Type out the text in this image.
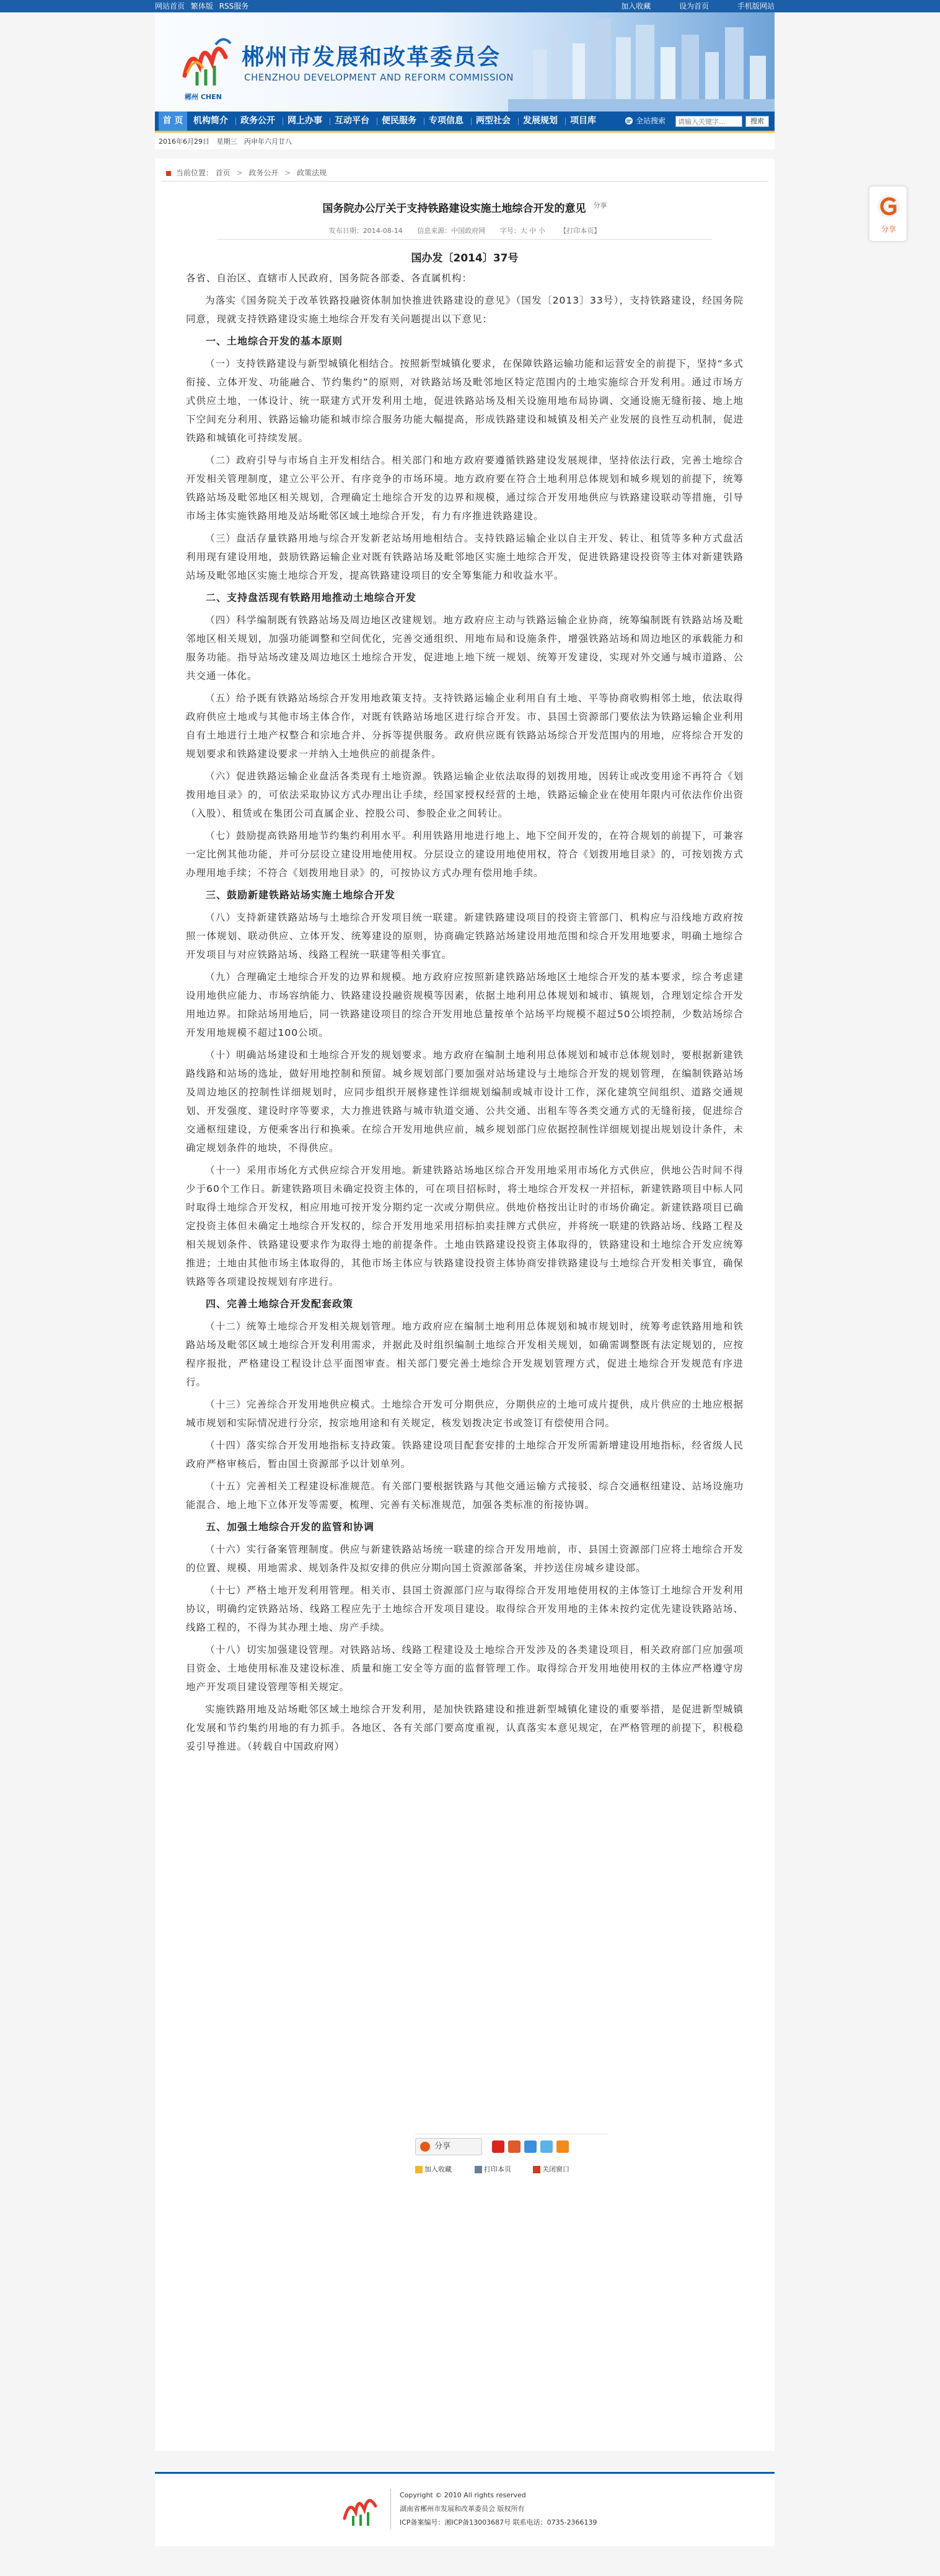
网站首页 繁体版 RSS服务	加入收藏	设为首页	手机版网站
郴州 CHEN
郴州市发展和改革委员会
CHENZHOU DEVELOPMENT AND REFORM COMMISSION
首 页	机构简介 政务公开 网上办事 互动平台 便民服务 专项信息 两型社会 发展规划 项目库	全站搜索
请输入关键字...	搜索
2016年6月29日 星期三 丙申年六月廿八
当前位置： 首页 > 政务公开 > 政策法规
国务院办公厅关于支持铁路建设实施土地综合开发的意见 $^{分享}$
发布日期：2014-08-14 信息来源：中国政府网 字号：大 中 小 【打印本页】
国办发〔2014〕37号

各省、自治区、直辖市人民政府，国务院各部委、各直属机构：

为落实《国务院关于改革铁路投融资体制加快推进铁路建设的意见》（国发〔2013〕33号），支持铁路建设，经国务院同意，现就支持铁路建设实施土地综合开发有关问题提出以下意见：

一、土地综合开发的基本原则

（一）支持铁路建设与新型城镇化相结合。按照新型城镇化要求，在保障铁路运输功能和运营安全的前提下，坚持“多式衔接、立体开发、功能融合、节约集约”的原则，对铁路站场及毗邻地区特定范围内的土地实施综合开发利用。通过市场方式供应土地，一体设计、统一联建方式开发利用土地，促进铁路站场及相关设施用地布局协调、交通设施无缝衔接、地上地下空间充分利用、铁路运输功能和城市综合服务功能大幅提高，形成铁路建设和城镇及相关产业发展的良性互动机制，促进铁路和城镇化可持续发展。

（二）政府引导与市场自主开发相结合。相关部门和地方政府要遵循铁路建设发展规律，坚持依法行政，完善土地综合开发相关管理制度，建立公平公开、有序竞争的市场环境。地方政府要在符合土地利用总体规划和城乡规划的前提下，统筹铁路站场及毗邻地区相关规划，合理确定土地综合开发的边界和规模，通过综合开发用地供应与铁路建设联动等措施，引导市场主体实施铁路用地及站场毗邻区域土地综合开发，有力有序推进铁路建设。

（三）盘活存量铁路用地与综合开发新老站场用地相结合。支持铁路运输企业以自主开发、转让、租赁等多种方式盘活利用现有建设用地，鼓励铁路运输企业对既有铁路站场及毗邻地区实施土地综合开发，促进铁路建设投资等主体对新建铁路站场及毗邻地区实施土地综合开发，提高铁路建设项目的安全筹集能力和收益水平。

二、支持盘活现有铁路用地推动土地综合开发

（四）科学编制既有铁路站场及周边地区改建规划。地方政府应主动与铁路运输企业协商，统筹编制既有铁路站场及毗邻地区相关规划，加强功能调整和空间优化，完善交通组织、用地布局和设施条件，增强铁路站场和周边地区的承载能力和服务功能。指导站场改建及周边地区土地综合开发，促进地上地下统一规划、统筹开发建设，实现对外交通与城市道路、公共交通一体化。

（五）给予既有铁路站场综合开发用地政策支持。支持铁路运输企业利用自有土地、平等协商收购相邻土地，依法取得政府供应土地或与其他市场主体合作，对既有铁路站场地区进行综合开发。市、县国土资源部门要依法为铁路运输企业利用自有土地进行土地产权整合和宗地合并、分拆等提供服务。政府供应既有铁路站场综合开发范围内的用地，应将综合开发的规划要求和铁路建设要求一并纳入土地供应的前提条件。

（六）促进铁路运输企业盘活各类现有土地资源。铁路运输企业依法取得的划拨用地，因转让或改变用途不再符合《划拨用地目录》的，可依法采取协议方式办理出让手续，经国家授权经营的土地，铁路运输企业在使用年限内可依法作价出资（入股）、租赁或在集团公司直属企业、控股公司、参股企业之间转让。

（七）鼓励提高铁路用地节约集约利用水平。利用铁路用地进行地上、地下空间开发的，在符合规划的前提下，可兼容一定比例其他功能，并可分层设立建设用地使用权。分层设立的建设用地使用权，符合《划拨用地目录》的，可按划拨方式办理用地手续；不符合《划拨用地目录》的，可按协议方式办理有偿用地手续。

三、鼓励新建铁路站场实施土地综合开发

（八）支持新建铁路站场与土地综合开发项目统一联建。新建铁路建设项目的投资主管部门、机构应与沿线地方政府按照一体规划、联动供应、立体开发、统筹建设的原则，协商确定铁路站场建设用地范围和综合开发用地要求，明确土地综合开发项目与对应铁路站场、线路工程统一联建等相关事宜。

（九）合理确定土地综合开发的边界和规模。地方政府应按照新建铁路站场地区土地综合开发的基本要求，综合考虑建设用地供应能力、市场容纳能力、铁路建设投融资规模等因素，依据土地利用总体规划和城市、镇规划，合理划定综合开发用地边界。扣除站场用地后，同一铁路建设项目的综合开发用地总量按单个站场平均规模不超过50公顷控制，少数站场综合开发用地规模不超过100公顷。

（十）明确站场建设和土地综合开发的规划要求。地方政府在编制土地利用总体规划和城市总体规划时，要根据新建铁路线路和站场的选址，做好用地控制和预留。城乡规划部门要加强对站场建设与土地综合开发的规划管理，在编制铁路站场及周边地区的控制性详细规划时，应同步组织开展修建性详细规划编制或城市设计工作，深化建筑空间组织、道路交通规划、开发强度、建设时序等要求，大力推进铁路与城市轨道交通、公共交通、出租车等各类交通方式的无缝衔接，促进综合交通枢纽建设，方便乘客出行和换乘。在综合开发用地供应前，城乡规划部门应依据控制性详细规划提出规划设计条件，未确定规划条件的地块，不得供应。

（十一）采用市场化方式供应综合开发用地。新建铁路站场地区综合开发用地采用市场化方式供应，供地公告时间不得少于60个工作日。新建铁路项目未确定投资主体的，可在项目招标时，将土地综合开发权一并招标，新建铁路项目中标人同时取得土地综合开发权，相应用地可按开发分期约定一次或分期供应。供地价格按出让时的市场价确定。新建铁路项目已确定投资主体但未确定土地综合开发权的，综合开发用地采用招标拍卖挂牌方式供应，并将统一联建的铁路站场、线路工程及相关规划条件、铁路建设要求作为取得土地的前提条件。土地由铁路建设投资主体取得的，铁路建设和土地综合开发应统筹推进；土地由其他市场主体取得的，其他市场主体应与铁路建设投资主体协商安排铁路建设与土地综合开发相关事宜，确保铁路等各项建设按规划有序进行。

四、完善土地综合开发配套政策

（十二）统筹土地综合开发相关规划管理。地方政府应在编制土地利用总体规划和城市规划时，统筹考虑铁路用地和铁路站场及毗邻区域土地综合开发利用需求，并据此及时组织编制土地综合开发相关规划，如确需调整既有法定规划的，应按程序报批，严格建设工程设计总平面图审查。相关部门要完善土地综合开发规划管理方式，促进土地综合开发规范有序进行。

（十三）完善综合开发用地供应模式。土地综合开发可分期供应，分期供应的土地可成片提供，成片供应的土地应根据城市规划和实际情况进行分宗，按宗地用途和有关规定，核发划拨决定书或签订有偿使用合同。

（十四）落实综合开发用地指标支持政策。铁路建设项目配套安排的土地综合开发所需新增建设用地指标，经省级人民政府严格审核后，暂由国土资源部予以计划单列。

（十五）完善相关工程建设标准规范。有关部门要根据铁路与其他交通运输方式接驳、综合交通枢纽建设、站场设施功能混合、地上地下立体开发等需要，梳理、完善有关标准规范，加强各类标准的衔接协调。

五、加强土地综合开发的监管和协调

（十六）实行备案管理制度。供应与新建铁路站场统一联建的综合开发用地前，市、县国土资源部门应将土地综合开发的位置、规模、用地需求、规划条件及拟安排的供应分期向国土资源部备案，并抄送住房城乡建设部。

（十七）严格土地开发利用管理。相关市、县国土资源部门应与取得综合开发用地使用权的主体签订土地综合开发利用协议，明确约定铁路站场、线路工程应先于土地综合开发项目建设。取得综合开发用地的主体未按约定优先建设铁路站场、线路工程的，不得为其办理土地、房产手续。

（十八）切实加强建设管理。对铁路站场、线路工程建设及土地综合开发涉及的各类建设项目，相关政府部门应加强项目资金、土地使用标准及建设标准、质量和施工安全等方面的监督管理工作。取得综合开发用地使用权的主体应严格遵守房地产开发项目建设管理等相关规定。

实施铁路用地及站场毗邻区域土地综合开发利用，是加快铁路建设和推进新型城镇化建设的重要举措，是促进新型城镇化发展和节约集约用地的有力抓手。各地区、各有关部门要高度重视，认真落实本意见规定，在严格管理的前提下，积极稳妥引导推进。（转载自中国政府网）

分享
加入收藏	打印本页	关闭窗口
Copyright © 2010 All rights reserved
湖南省郴州市发展和改革委员会 版权所有
ICP备案编号：湘ICP备13003687号 联系电话：0735-2366139
分享
